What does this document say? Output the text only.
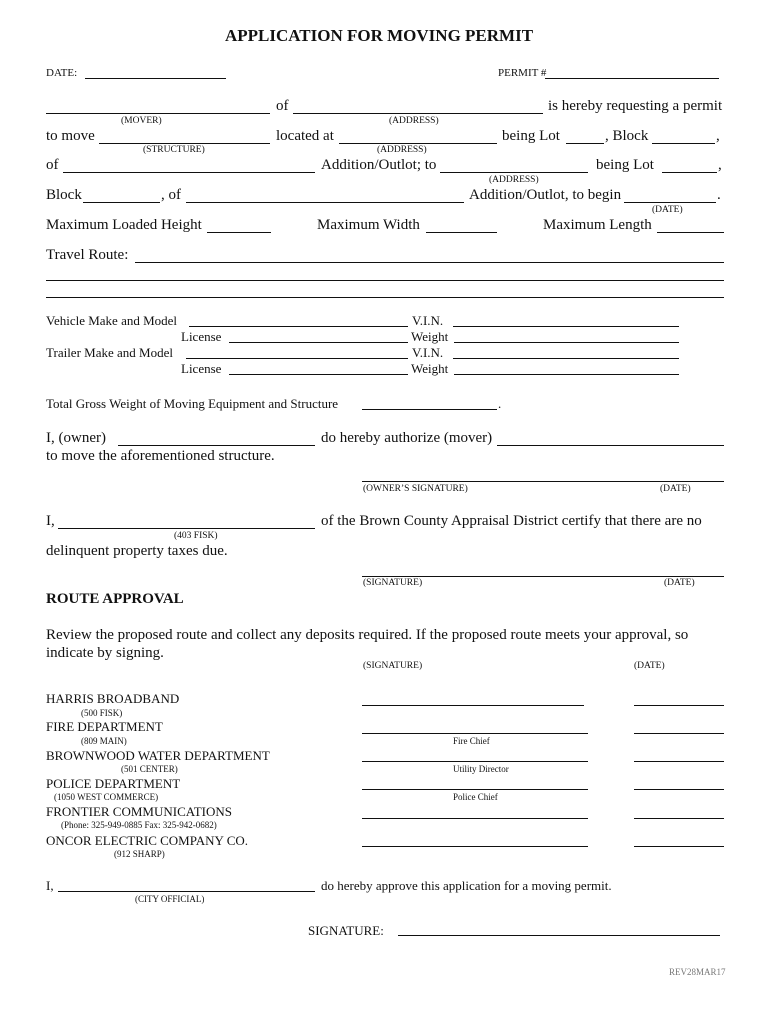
APPLICATION FOR MOVING PERMIT
DATE:	PERMIT #
of	is hereby requesting a permit
(MOVER)	(ADDRESS)
to move	located at	being Lot	, Block	,
(STRUCTURE)	(ADDRESS)
of	Addition/Outlot; to	being Lot	,
(ADDRESS)
Block	, of	Addition/Outlot, to begin	.
(DATE)
Maximum Loaded Height	Maximum Width	Maximum Length
Travel Route:
Vehicle Make and Model	V.I.N.
License	Weight
Trailer Make and Model	V.I.N.
License	Weight
Total Gross Weight of Moving Equipment and Structure	.
I, (owner)	do hereby authorize (mover)
to move the aforementioned structure.
(OWNER’S SIGNATURE)	(DATE)
I,	of the Brown County Appraisal District certify that there are no
(403 FISK)
delinquent property taxes due.
(SIGNATURE)	(DATE)
ROUTE APPROVAL
Review the proposed route and collect any deposits required. If the proposed route meets your approval, so
indicate by signing.
(SIGNATURE)	(DATE)
HARRIS BROADBAND
(500 FISK)
FIRE DEPARTMENT
(809 MAIN)	Fire Chief
BROWNWOOD WATER DEPARTMENT
(501 CENTER)	Utility Director
POLICE DEPARTMENT
(1050 WEST COMMERCE)	Police Chief
FRONTIER COMMUNICATIONS
(Phone: 325-949-0885 Fax: 325-942-0682)
ONCOR ELECTRIC COMPANY CO.
(912 SHARP)
I,	do hereby approve this application for a moving permit.
(CITY OFFICIAL)
SIGNATURE:
REV28MAR17
